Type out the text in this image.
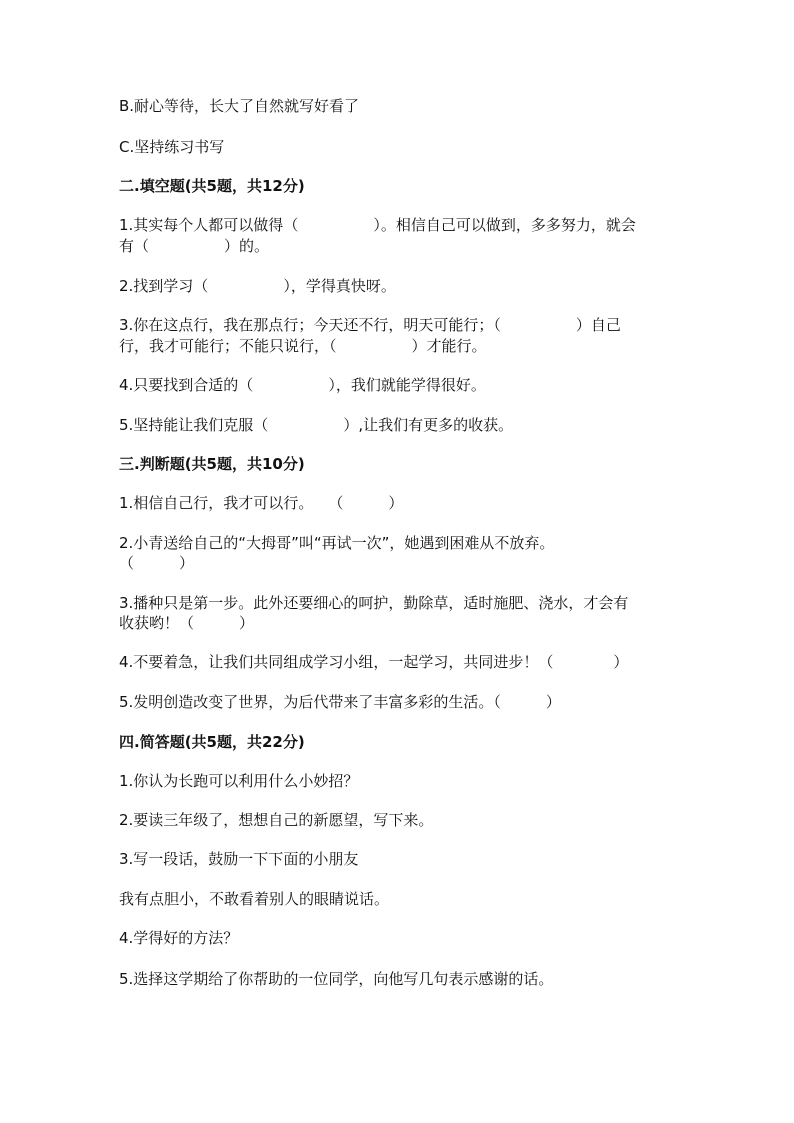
B.耐心等待，长大了自然就写好看了
C.坚持练习书写
二.填空题(共5题，共12分)
1.其实每个人都可以做得（　　　　　）。相信自己可以做到，多多努力，就会
有（　　　　　）的。
2.找到学习（　　　　　），学得真快呀。
3.你在这点行，我在那点行；今天还不行，明天可能行；（　　　　　）自己
行，我才可能行；不能只说行，（　　　　　）才能行。
4.只要找到合适的（　　　　　），我们就能学得很好。
5.坚持能让我们克服（　　　　　）,让我们有更多的收获。
三.判断题(共5题，共10分)
1.相信自己行，我才可以行。　　（　　　）
2.小青送给自己的“大拇哥”叫“再试一次”，她遇到困难从不放弃。
（　　　）
3.播种只是第一步。此外还要细心的呵护，勤除草，适时施肥、浇水，才会有
收获哟！（　　　）
4.不要着急，让我们共同组成学习小组，一起学习，共同进步！（　　　　）
5.发明创造改变了世界，为后代带来了丰富多彩的生活。（　　　）
四.简答题(共5题，共22分)
1.你认为长跑可以利用什么小妙招？
2.要读三年级了，想想自己的新愿望，写下来。
3.写一段话，鼓励一下下面的小朋友
我有点胆小，不敢看着别人的眼睛说话。
4.学得好的方法？
5.选择这学期给了你帮助的一位同学，向他写几句表示感谢的话。
